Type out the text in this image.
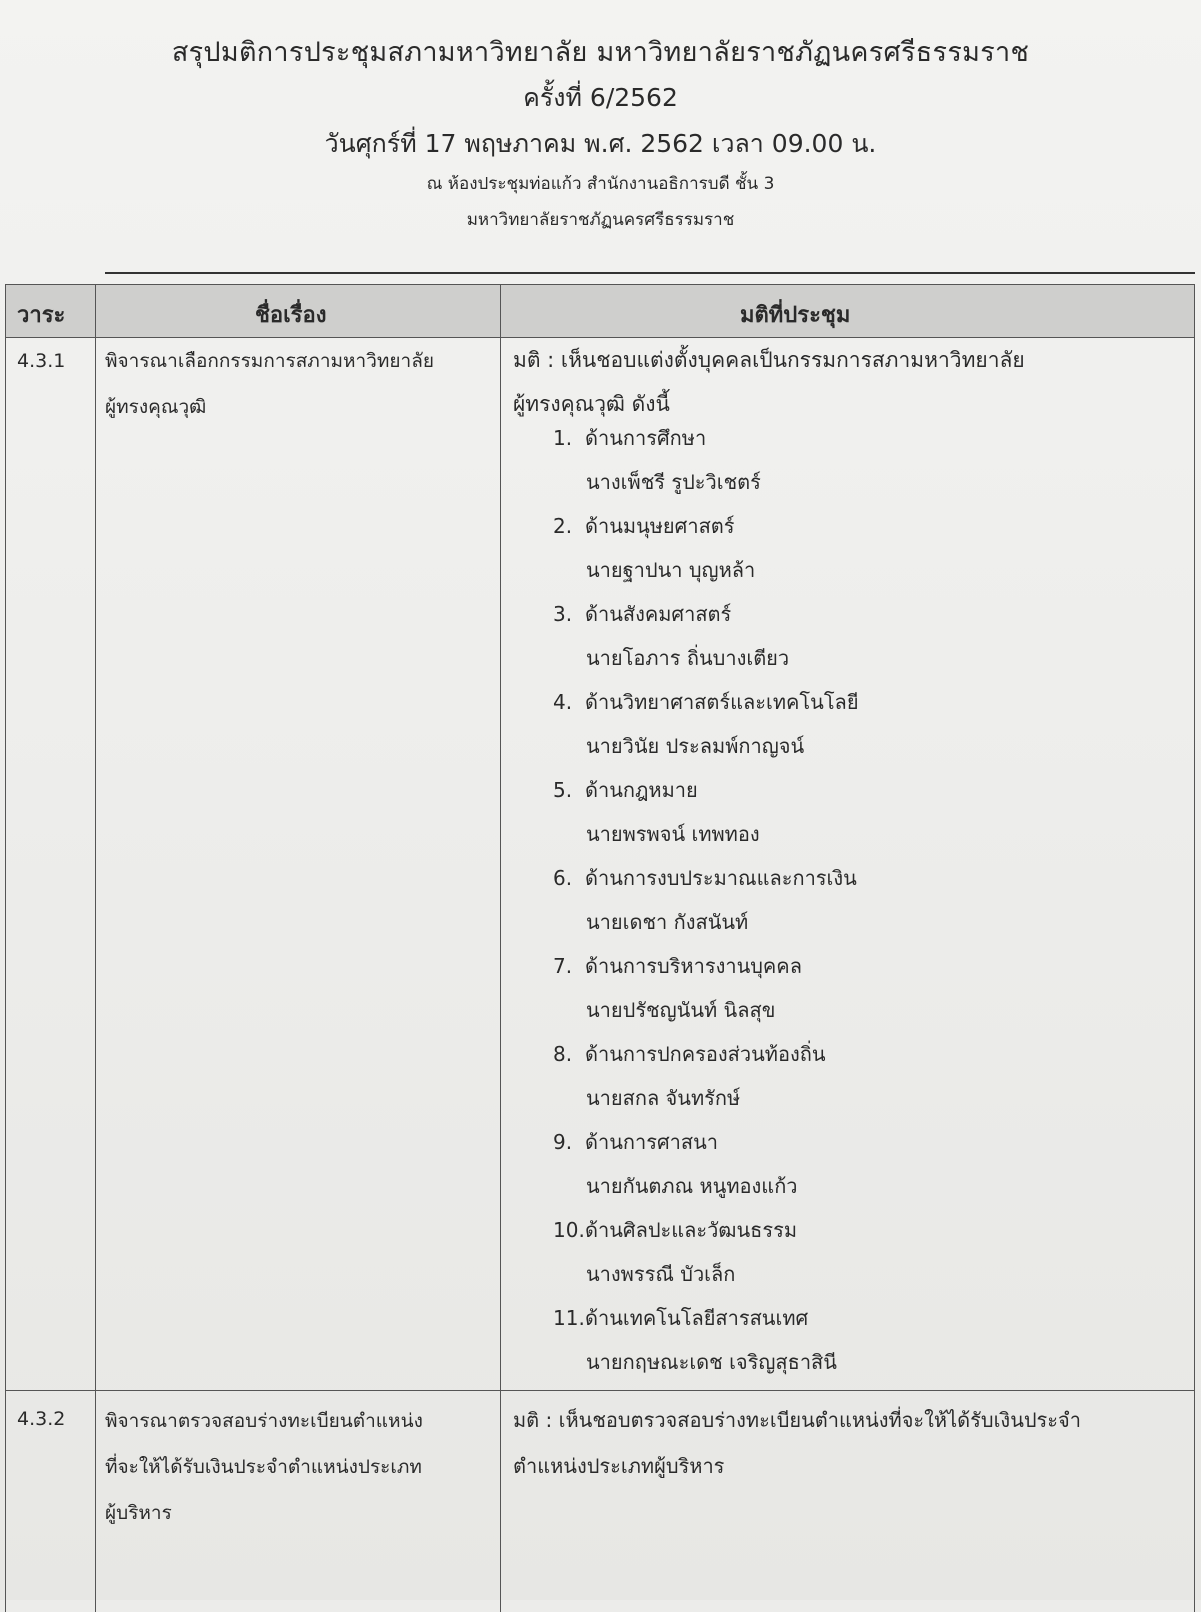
สรุปมติการประชุมสภามหาวิทยาลัย มหาวิทยาลัยราชภัฏนครศรีธรรมราช
ครั้งที่ 6/2562
วันศุกร์ที่ 17 พฤษภาคม พ.ศ. 2562 เวลา 09.00 น.
ณ ห้องประชุมท่อแก้ว สำนักงานอธิการบดี ชั้น 3
มหาวิทยาลัยราชภัฏนครศรีธรรมราช
วาระ	ชื่อเรื่อง	มติที่ประชุม
4.3.1 พิจารณาเลือกกรรมการสภามหาวิทยาลัย
ผู้ทรงคุณวุฒิ
มติ : เห็นชอบแต่งตั้งบุคคลเป็นกรรมการสภามหาวิทยาลัย
ผู้ทรงคุณวุฒิ ดังนี้
1. ด้านการศึกษา
นางเพ็ชรี รูปะวิเชตร์
2. ด้านมนุษยศาสตร์
นายฐาปนา บุญหล้า
3. ด้านสังคมศาสตร์
นายโอภาร ถิ่นบางเตียว
4. ด้านวิทยาศาสตร์และเทคโนโลยี
นายวินัย ประลมพ์กาญจน์
5. ด้านกฎหมาย
นายพรพจน์ เทพทอง
6. ด้านการงบประมาณและการเงิน
นายเดชา กังสนันท์
7. ด้านการบริหารงานบุคคล
นายปรัชญนันท์ นิลสุข
8. ด้านการปกครองส่วนท้องถิ่น
นายสกล จันทรักษ์
9. ด้านการศาสนา
นายกันตภณ หนูทองแก้ว
10.ด้านศิลปะและวัฒนธรรม
นางพรรณี บัวเล็ก
11.ด้านเทคโนโลยีสารสนเทศ
นายกฤษณะเดช เจริญสุธาสินี
4.3.2 พิจารณาตรวจสอบร่างทะเบียนตำแหน่ง
ที่จะให้ได้รับเงินประจำตำแหน่งประเภท
ผู้บริหาร
มติ : เห็นชอบตรวจสอบร่างทะเบียนตำแหน่งที่จะให้ได้รับเงินประจำ
ตำแหน่งประเภทผู้บริหาร
